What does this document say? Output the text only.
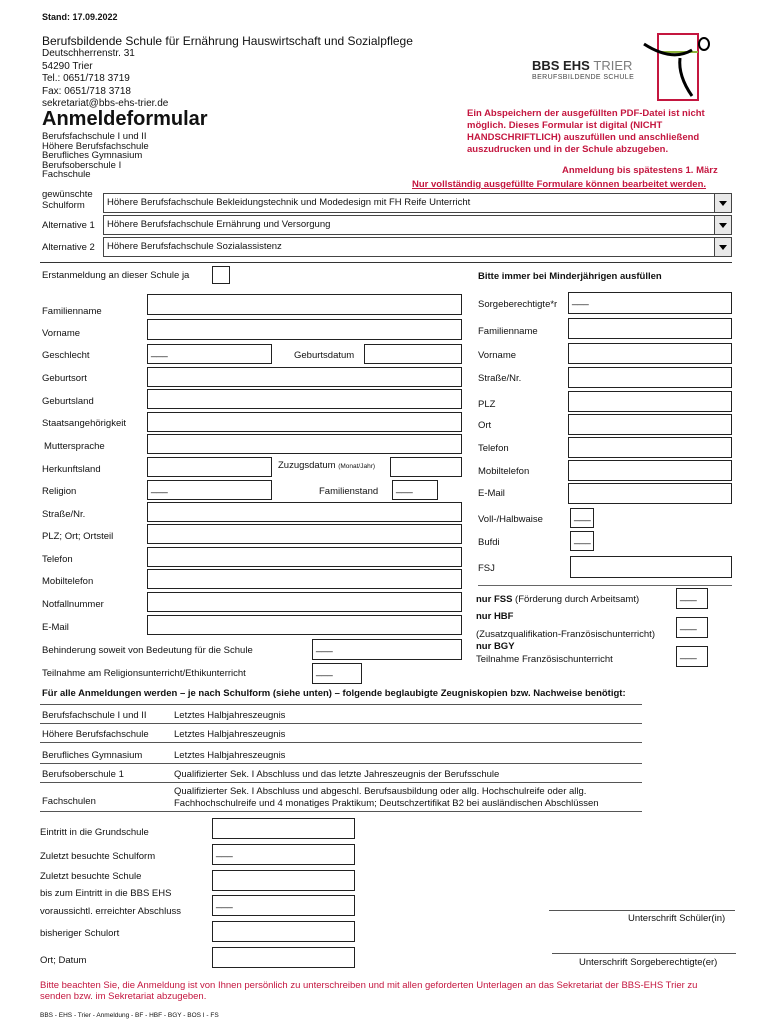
Stand: 17.09.2022
Berufsbildende Schule für Ernährung Hauswirtschaft und Sozialpflege
Deutschherrenstr. 31
54290 Trier
Tel.: 0651/718 3719
Fax: 0651/718 3718
sekretariat@bbs-ehs-trier.de
BBS EHS TRIER
BERUFSBILDENDE SCHULE
Anmeldeformular
Berufsfachschule I und II
Höhere Berufsfachschule
Berufliches Gymnasium
Berufsoberschule I
Fachschule
Ein Abspeichern der ausgefüllten PDF-Datei ist nicht möglich. Dieses Formular ist digital (NICHT HANDSCHRIFTLICH) auszufüllen und anschließend auszudrucken und in der Schule abzugeben.
Anmeldung bis spätestens 1. März
Nur vollständig ausgefüllte Formulare können bearbeitet werden.
gewünschte Schulform	Höhere Berufsfachschule Bekleidungstechnik und Modedesign mit FH Reife Unterricht
Alternative 1	Höhere Berufsfachschule Ernährung und Versorgung
Alternative 2	Höhere Berufsfachschule Sozialassistenz
Erstanmeldung an dieser Schule ja	Bitte immer bei Minderjährigen ausfüllen
Familienname
Vorname
Geschlecht	___	Geburtsdatum
Geburtsort
Geburtsland
Staatsangehörigkeit
Muttersprache
Herkunftsland	Zuzugsdatum (Monat/Jahr)
Religion	___	Familienstand	___
Straße/Nr.
PLZ; Ort; Ortsteil
Telefon
Mobiltelefon
Notfallnummer
E-Mail
Behinderung soweit von Bedeutung für die Schule	___
Teilnahme am Religionsunterricht/Ethikunterricht	___
Sorgeberechtigte*r	___
Familienname
Vorname
Straße/Nr.
PLZ
Ort
Telefon
Mobiltelefon
E-Mail
Voll-/Halbwaise	___
Bufdi	___
FSJ
nur FSS (Förderung durch Arbeitsamt)	___
nur HBF
(Zusatzqualifikation-Französischunterricht)
___
nur BGY
Teilnahme Französischunterricht	___
Für alle Anmeldungen werden – je nach Schulform (siehe unten) – folgende beglaubigte Zeugniskopien bzw. Nachweise benötigt:
Berufsfachschule I und II	Letztes Halbjahreszeugnis
Höhere Berufsfachschule	Letztes Halbjahreszeugnis
Berufliches Gymnasium	Letztes Halbjahreszeugnis
Berufsoberschule 1	Qualifizierter Sek. I Abschluss und das letzte Jahreszeugnis der Berufsschule
Fachschulen
Qualifizierter Sek. I Abschluss und abgeschl. Berufsausbildung oder allg. Hochschulreife oder allg.
Fachhochschulreife und 4 monatiges Praktikum; Deutschzertifikat B2 bei ausländischen Abschlüssen
Eintritt in die Grundschule
Zuletzt besuchte Schulform	___
Zuletzt besuchte Schule
bis zum Eintritt in die BBS EHS
voraussichtl. erreichter Abschluss
___
bisheriger Schulort
Ort; Datum
Unterschrift Schüler(in)
Unterschrift Sorgeberechtigte(er)
Bitte beachten Sie, die Anmeldung ist von Ihnen persönlich zu unterschreiben und mit allen geforderten Unterlagen an das Sekretariat der BBS-EHS Trier zu senden bzw. im Sekretariat abzugeben.
BBS - EHS - Trier - Anmeldung - BF - HBF - BGY - BOS I - FS
